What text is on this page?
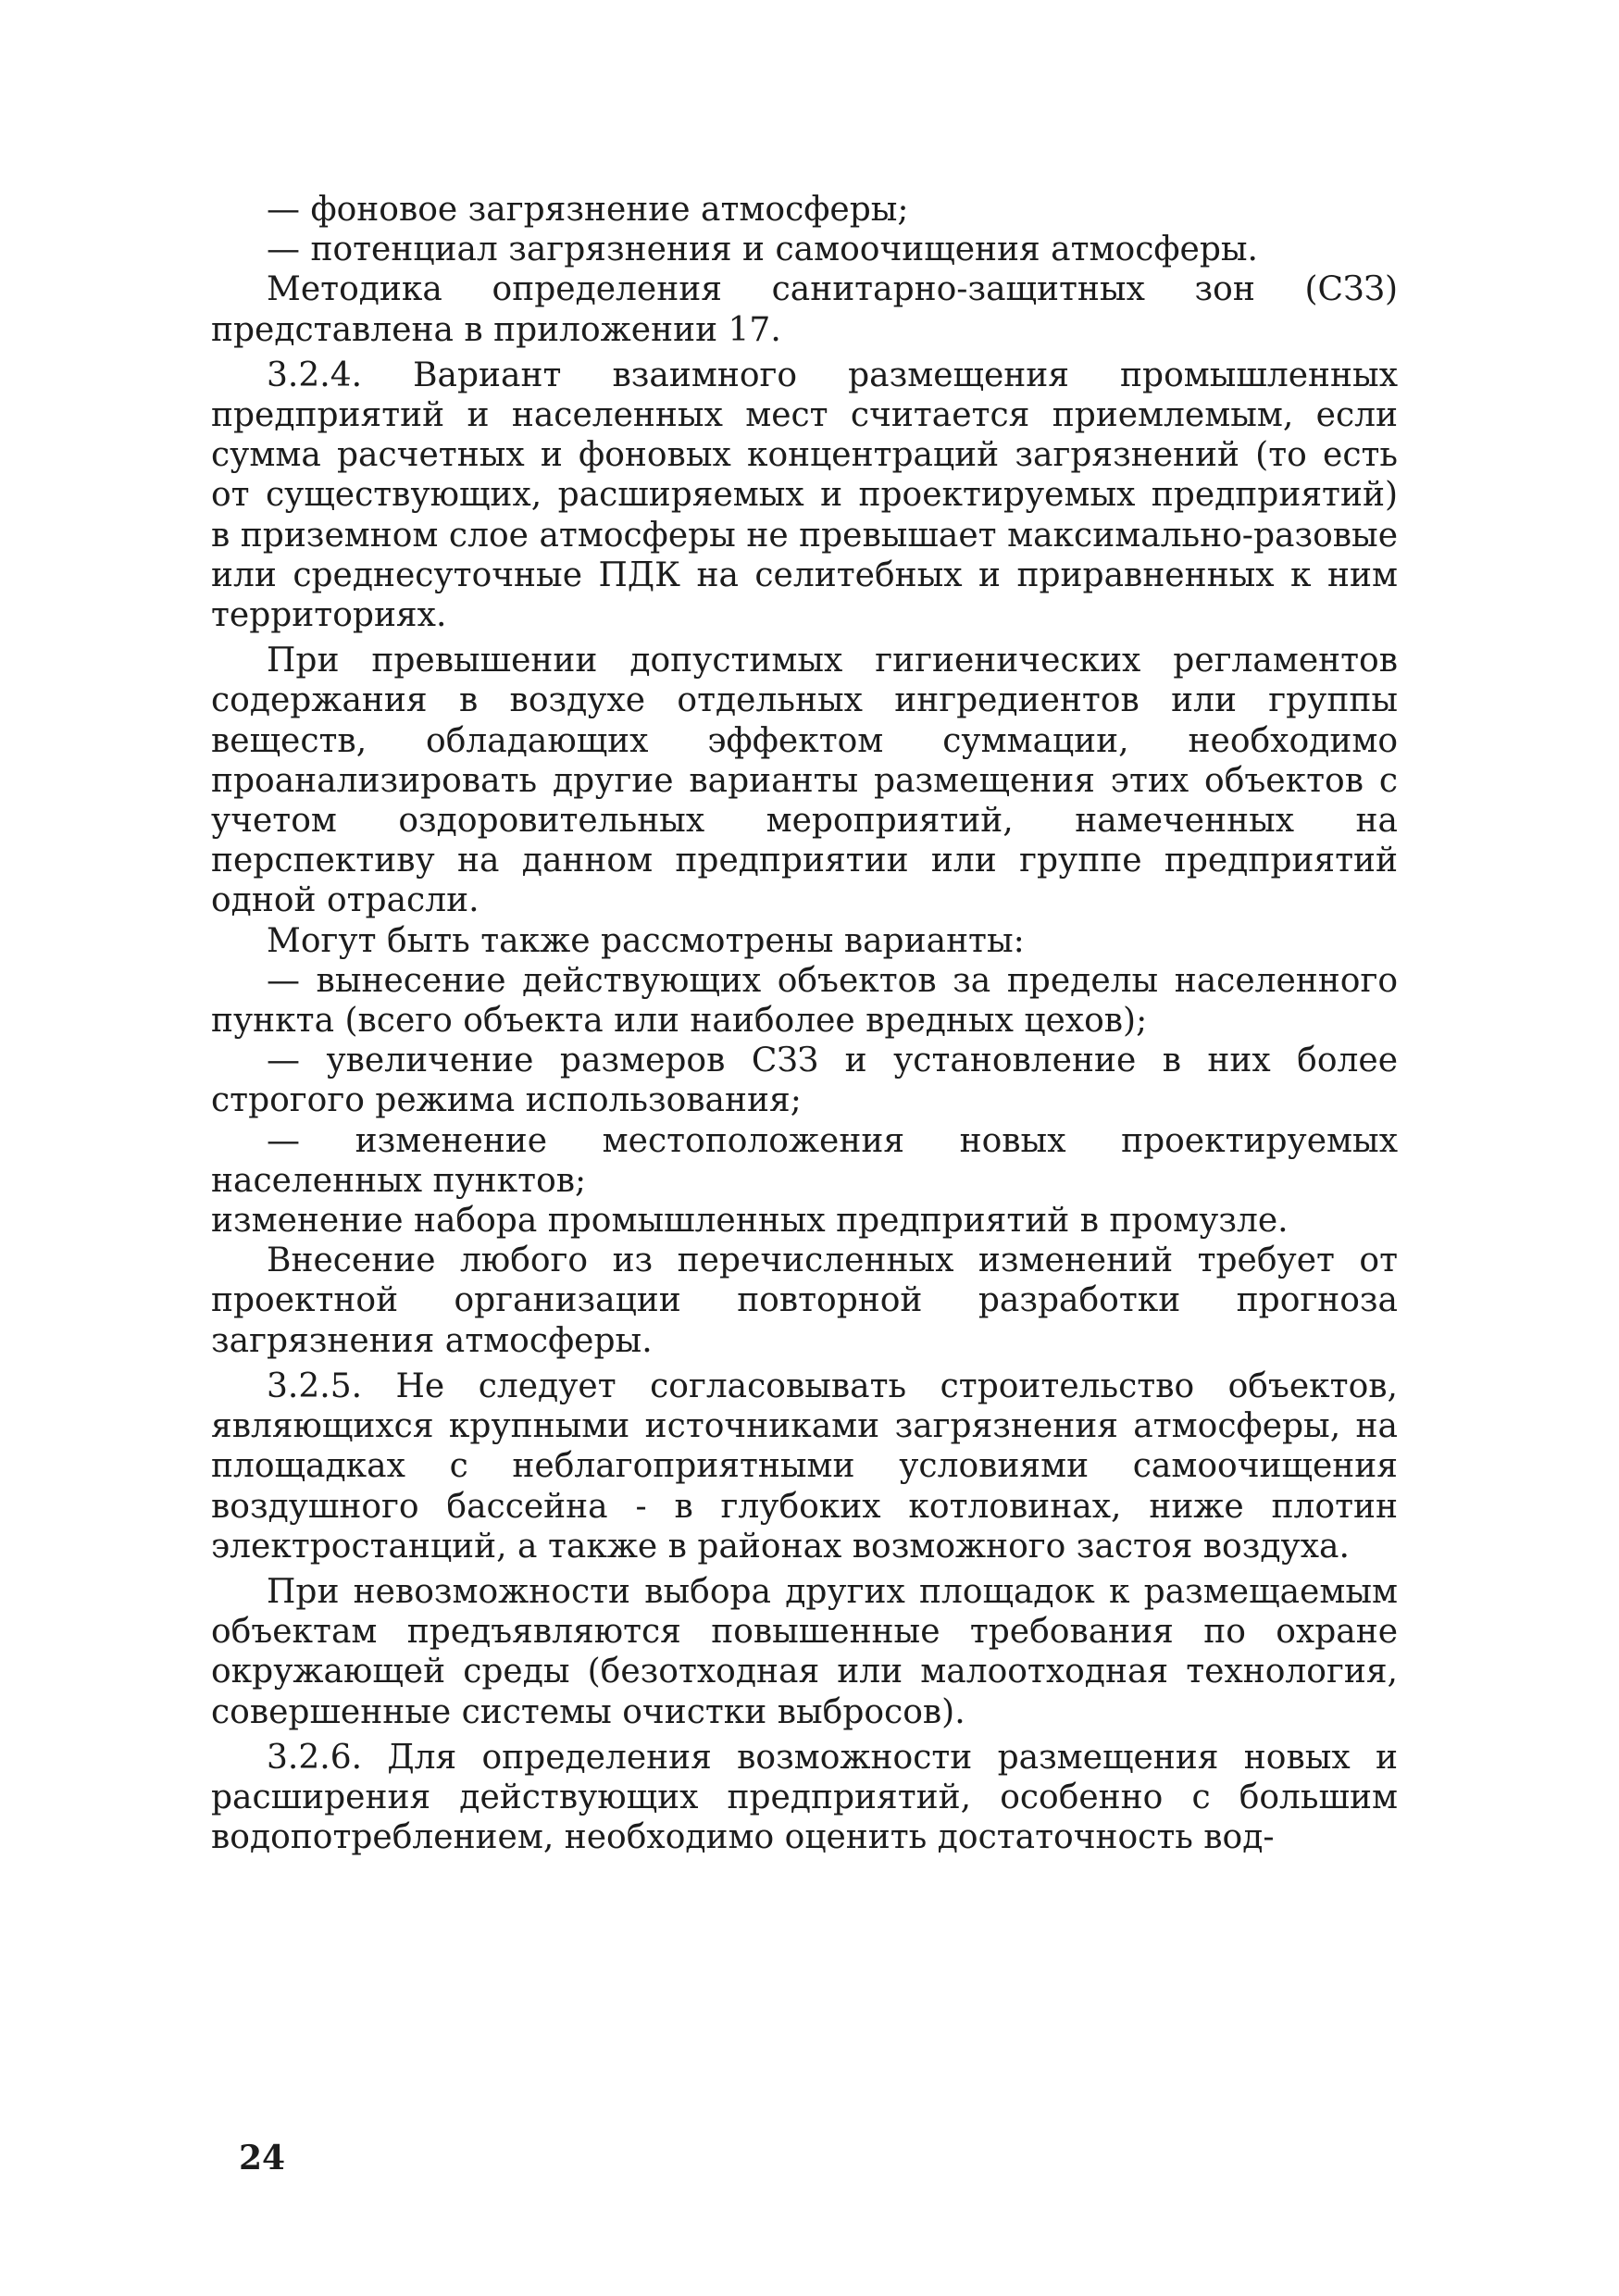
— фоновое загрязнение атмосферы;

— потенциал загрязнения и самоочищения атмосферы.

Методика определения санитарно-защитных зон (СЗЗ) представлена в приложении 17.

3.2.4. Вариант взаимного размещения промышленных предприятий и населенных мест считается приемлемым, если сумма расчетных и фоновых концентраций загрязнений (то есть от существующих, расширяемых и проектируемых предприятий) в приземном слое атмосферы не превышает максимально-разовые или среднесуточные ПДК на селитебных и приравненных к ним территориях.

При превышении допустимых гигиенических регламентов содержания в воздухе отдельных ингредиентов или группы веществ, обладающих эффектом суммации, необходимо проанализировать другие варианты размещения этих объектов с учетом оздоровительных мероприятий, намеченных на перспективу на данном предприятии или группе предприятий одной отрасли.

Могут быть также рассмотрены варианты:

— вынесение действующих объектов за пределы населенного пункта (всего объекта или наиболее вредных цехов);

— увеличение размеров СЗЗ и установление в них более строгого режима использования;

— изменение местоположения новых проектируемых населенных пунктов;

изменение набора промышленных предприятий в промузле.

Внесение любого из перечисленных изменений требует от проектной организации повторной разработки прогноза загрязнения атмосферы.

3.2.5. Не следует согласовывать строительство объектов, являющихся крупными источниками загрязнения атмосферы, на площадках с неблагоприятными условиями самоочищения воздушного бассейна - в глубоких котловинах, ниже плотин электростанций, а также в районах возможного застоя воздуха.

При невозможности выбора других площадок к размещаемым объектам предъявляются повышенные требования по охране окружающей среды (безотходная или малоотходная технология, совершенные системы очистки выбросов).

3.2.6. Для определения возможности размещения новых и расширения действующих предприятий, особенно с большим водопотреблением, необходимо оценить достаточность вод-

24
